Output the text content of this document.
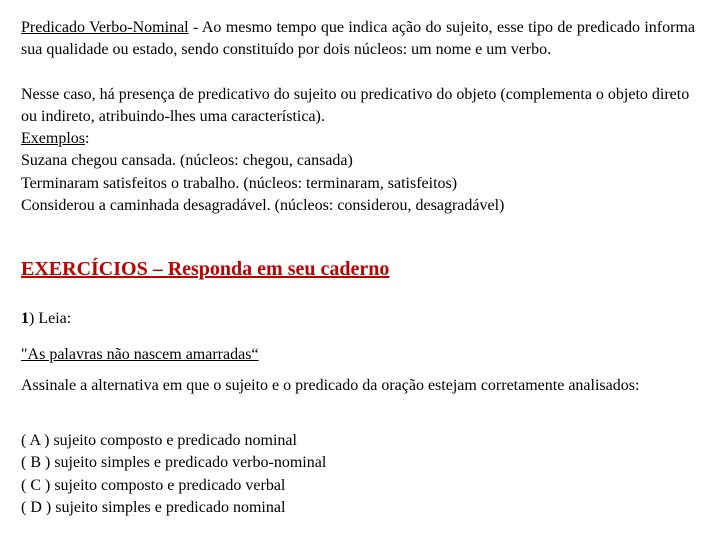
Predicado Verbo-Nominal - Ao mesmo tempo que indica ação do sujeito, esse tipo de predicado informa sua qualidade ou estado, sendo constituído por dois núcleos: um nome e um verbo.
Nesse caso, há presença de predicativo do sujeito ou predicativo do objeto (complementa o objeto direto ou indireto, atribuindo-lhes uma característica).

Exemplos:

Suzana chegou cansada. (núcleos: chegou, cansada)

Terminaram satisfeitos o trabalho. (núcleos: terminaram, satisfeitos)

Considerou a caminhada desagradável. (núcleos: considerou, desagradável)

EXERCÍCIOS – Responda em seu caderno
1) Leia:
"As palavras não nascem amarradas“
Assinale a alternativa em que o sujeito e o predicado da oração estejam corretamente analisados:

( A ) sujeito composto e predicado nominal

( B ) sujeito simples e predicado verbo-nominal

( C ) sujeito composto e predicado verbal

( D ) sujeito simples e predicado nominal
